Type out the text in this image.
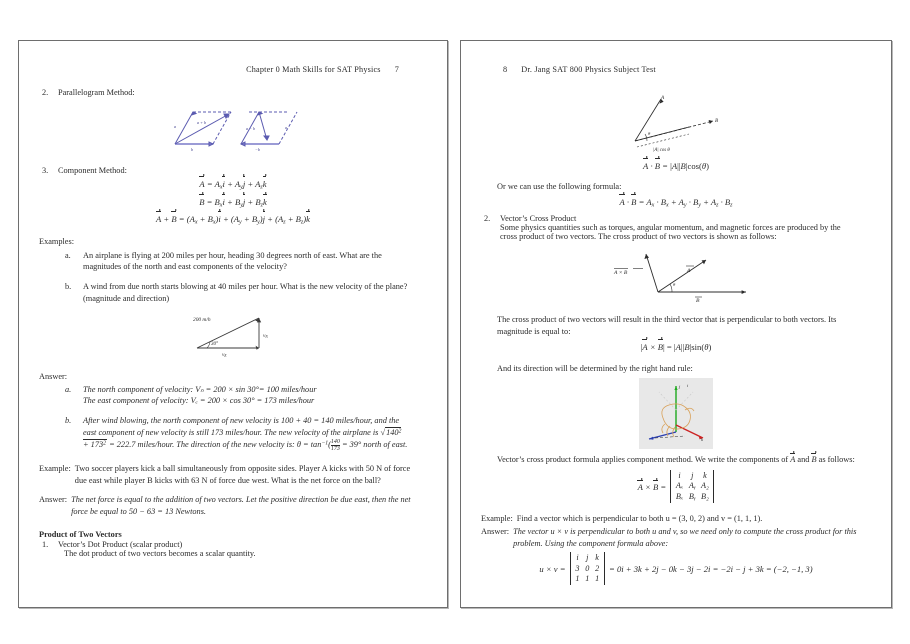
Chapter 0 Math Skills for SAT Physics 7
2.	Parallelogram Method:
a
a + b
b
a − b	a
−b
3.	Component Method:
$A = A_xi + A_yj + A_zk$
$B = B_xi + B_yj + B_zk$
$A + B = (A_x + B_x)i + (A_y + B_y)j + (A_z + B_z)k$
Examples:
a.	An airplane is flying at 200 miles per hour, heading 30 degrees north of east. What are the magnitudes of the north and east components of the velocity?
b.	A wind from due north starts blowing at 40 miles per hour. What is the new velocity of the plane? (magnitude and direction)
200 m/h
30°
vN
vE
Answer:
a.	The north component of velocity: Vₙ = 200 × sin 30°= 100 miles/hour
The east component of velocity: Vₑ = 200 × cos 30° = 173 miles/hour
b.	After wind blowing, the north component of new velocity is 100 + 40 = 140 miles/hour, and the east component of new velocity is still 173 miles/hour. The new velocity of the airplane is $√140^2 + 173^2 = 222.7$ miles/hour. The direction of the new velocity is: $\theta = \tan^{-1}( \frac{140}{173} = 39^\circ$ north of east.
Example: Two soccer players kick a ball simultaneously from opposite sides. Player A kicks with 50 N of force due east while player B kicks with 63 N of force due west. What is the net force on the ball?
Answer: The net force is equal to the addition of two vectors. Let the positive direction be due east, then the net force be equal to 50 − 63 = 13 Newtons.
Product of Two Vectors
1.	Vector’s Dot Product (scalar product)
The dot product of two vectors becomes a scalar quantity.
8 Dr. Jang SAT 800 Physics Subject Test
A
B
θ
|A| cos θ
A · B = |A||B|cos(θ)
Or we can use the following formula:
$A \cdot B = A_x \cdot B_x + A_y \cdot B_y + A_z \cdot B_z$
2.	Vector’s Cross Product
Some physics quantities such as torques, angular momentum, and magnetic forces are produced by the cross product of two vectors. The cross product of two vectors is shown as follows:
A × B	A
B
θ
The cross product of two vectors will result in the third vector that is perpendicular to both vectors. Its magnitude is equal to:
|A × B| = |A||B|sin(θ)
And its direction will be determined by the right hand rule:
j i
k
Vector’s cross product formula applies component method. We write the components of A and B as follows:
A × B =
i	j	k
Aₓ Aᵧ A₂
Bₓ Bᵧ B₂
Example: Find a vector which is perpendicular to both u = (3, 0, 2) and v = (1, 1, 1).
Answer: The vector u × v is perpendicular to both u and v, so we need only to compute the cross product for this problem. Using the component formula above:
u × v =
i j k
3 0 2
1 1 1
= 0i + 3k + 2j − 0k − 3j − 2i = −2i − j + 3k = (−2, −1, 3)
